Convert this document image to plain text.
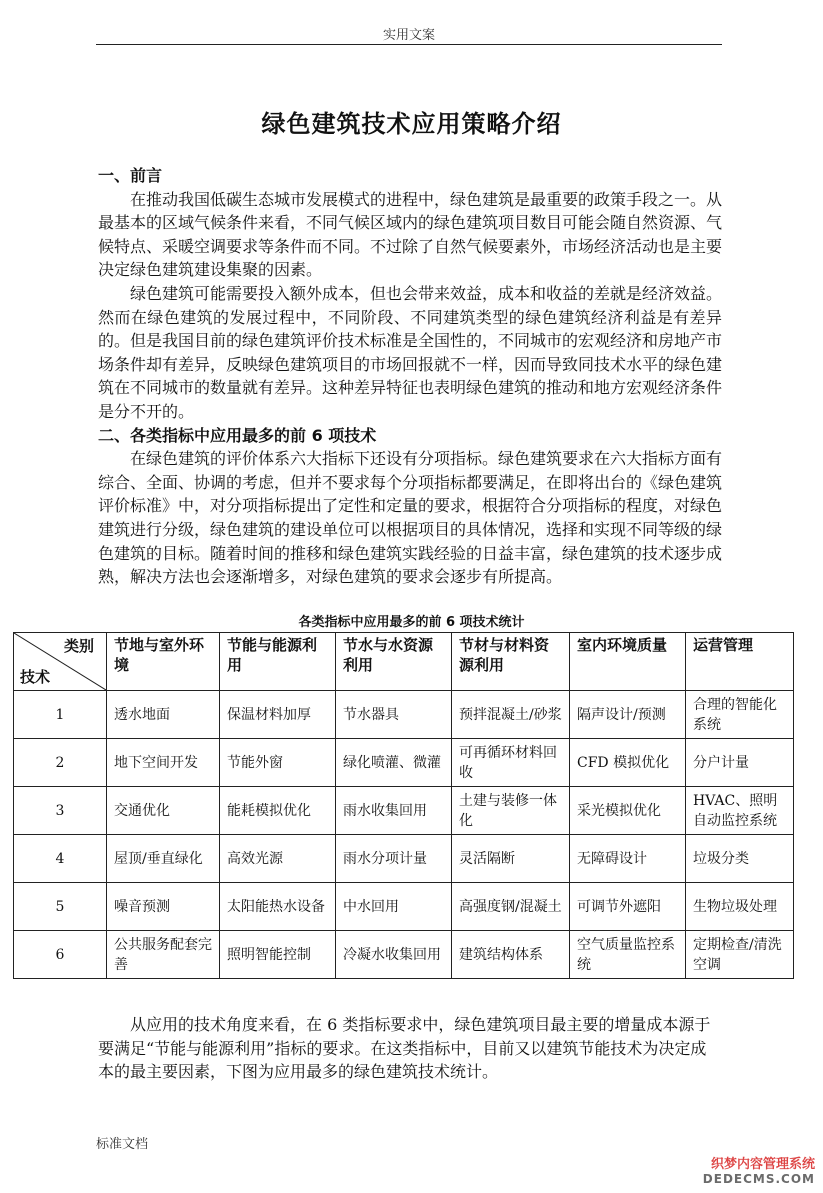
实用文案
绿色建筑技术应用策略介绍
一、前言
在推动我国低碳生态城市发展模式的进程中，绿色建筑是最重要的政策手段之一。从最基本的区域气候条件来看，不同气候区域内的绿色建筑项目数目可能会随自然资源、气候特点、采暖空调要求等条件而不同。不过除了自然气候要素外，市场经济活动也是主要决定绿色建筑建设集聚的因素。
绿色建筑可能需要投入额外成本，但也会带来效益，成本和收益的差就是经济效益。然而在绿色建筑的发展过程中，不同阶段、不同建筑类型的绿色建筑经济利益是有差异的。但是我国目前的绿色建筑评价技术标准是全国性的，不同城市的宏观经济和房地产市场条件却有差异，反映绿色建筑项目的市场回报就不一样，因而导致同技术水平的绿色建筑在不同城市的数量就有差异。这种差异特征也表明绿色建筑的推动和地方宏观经济条件是分不开的。
二、各类指标中应用最多的前 6 项技术
在绿色建筑的评价体系六大指标下还设有分项指标。绿色建筑要求在六大指标方面有综合、全面、协调的考虑，但并不要求每个分项指标都要满足，在即将出台的《绿色建筑评价标准》中，对分项指标提出了定性和定量的要求，根据符合分项指标的程度，对绿色建筑进行分级，绿色建筑的建设单位可以根据项目的具体情况，选择和实现不同等级的绿色建筑的目标。随着时间的推移和绿色建筑实践经验的日益丰富，绿色建筑的技术逐步成熟，解决方法也会逐渐增多，对绿色建筑的要求会逐步有所提高。
各类指标中应用最多的前 6 项技术统计
类别
技术	节地与室外环境	节能与能源利用	节水与水资源利用	节材与材料资源利用	室内环境质量	运营管理
1	透水地面	保温材料加厚	节水器具	预拌混凝土/砂浆	隔声设计/预测	合理的智能化系统
2	地下空间开发	节能外窗	绿化喷灌、微灌	可再循环材料回收	CFD 模拟优化	分户计量
3	交通优化	能耗模拟优化	雨水收集回用	土建与装修一体化	采光模拟优化	HVAC、照明自动监控系统
4	屋顶/垂直绿化	高效光源	雨水分项计量	灵活隔断	无障碍设计	垃圾分类
5	噪音预测	太阳能热水设备	中水回用	高强度钢/混凝土	可调节外遮阳	生物垃圾处理
6	公共服务配套完善	照明智能控制	冷凝水收集回用	建筑结构体系	空气质量监控系统	定期检查/清洗空调
从应用的技术角度来看，在 6 类指标要求中，绿色建筑项目最主要的增量成本源于要满足“节能与能源利用”指标的要求。在这类指标中，目前又以建筑节能技术为决定成本的最主要因素，下图为应用最多的绿色建筑技术统计。
标准文档
织梦内容管理系统
DEDECMS.COM
